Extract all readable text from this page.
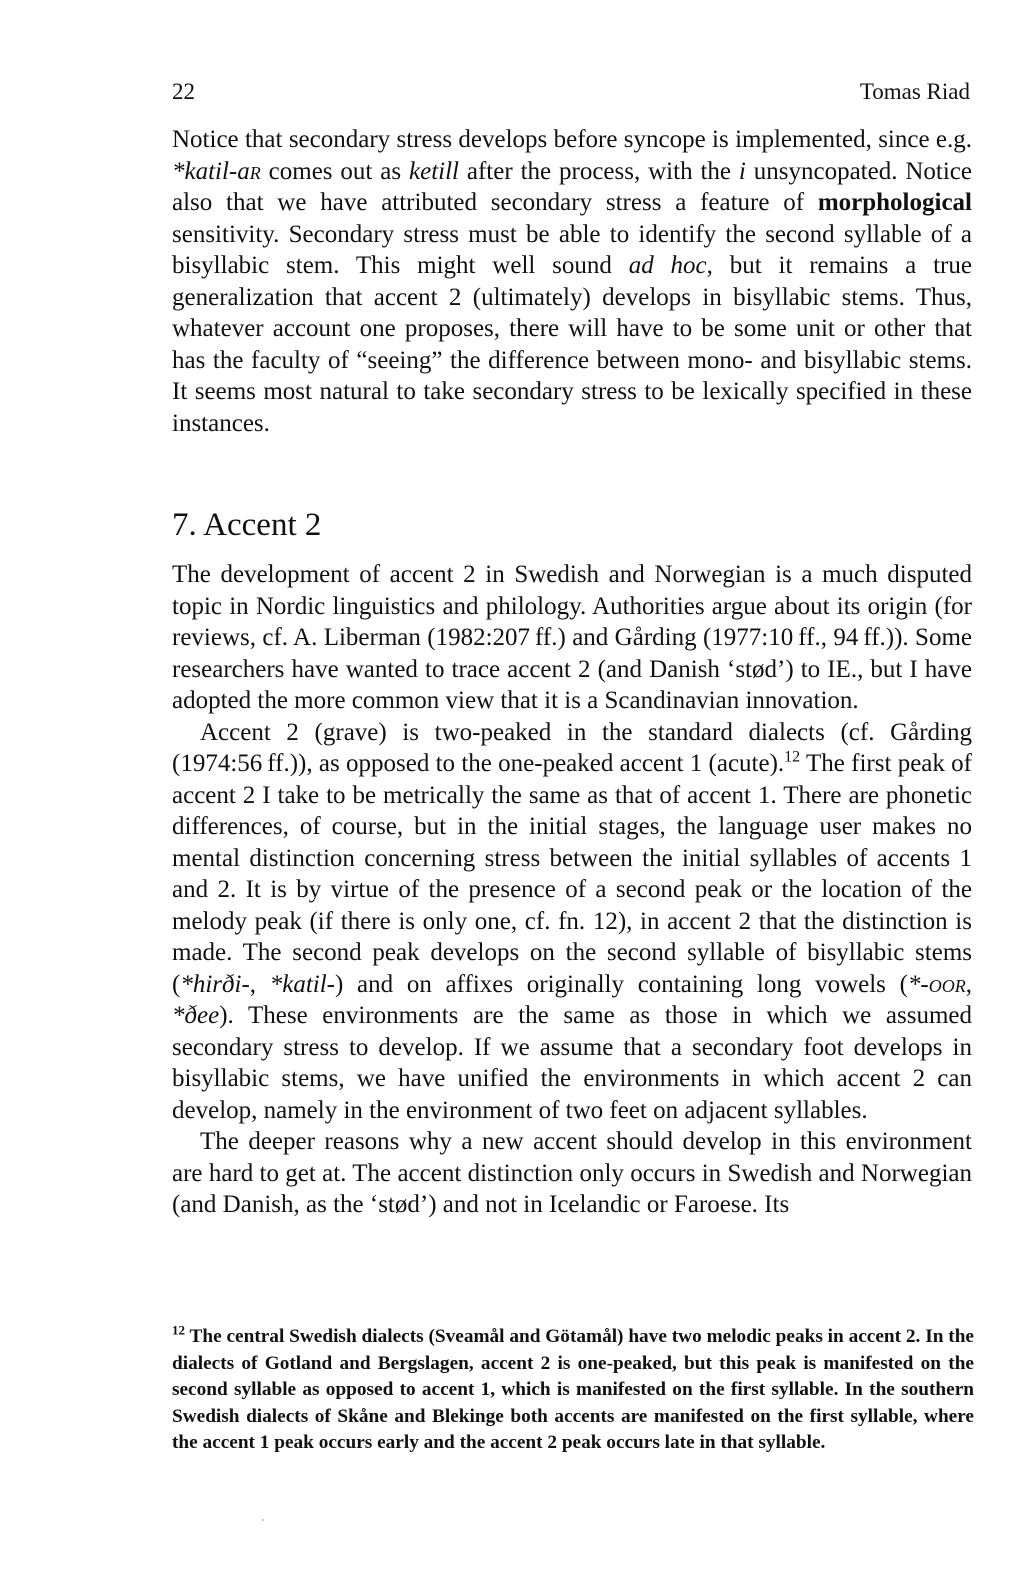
22	Tomas Riad

Notice that secondary stress develops before syncope is implemented, since e.g. *katil-ar comes out as ketill after the process, with the i unsyncopated. Notice also that we have attributed secondary stress a feature of morphological sensitivity. Secondary stress must be able to identify the second syllable of a bisyllabic stem. This might well sound ad hoc, but it remains a true generalization that accent 2 (ultimately) develops in bisyllabic stems. Thus, whatever account one proposes, there will have to be some unit or other that has the faculty of “seeing” the difference between mono- and bisyllabic stems. It seems most natural to take secondary stress to be lexically specified in these instances.

7. Accent 2

The development of accent 2 in Swedish and Norwegian is a much disputed topic in Nordic linguistics and philology. Authorities argue about its origin (for reviews, cf. A. Liberman (1982:207 ff.) and Gårding (1977:10 ff., 94 ff.)). Some researchers have wanted to trace accent 2 (and Danish ‘stød’) to IE., but I have adopted the more common view that it is a Scandinavian innovation.

Accent 2 (grave) is two-peaked in the standard dialects (cf. Gårding (1974:56 ff.)), as opposed to the one-peaked accent 1 (acute).$^{12}$ The first peak of accent 2 I take to be metrically the same as that of accent 1. There are phonetic differences, of course, but in the initial stages, the language user makes no mental distinction concerning stress between the initial syllables of accents 1 and 2. It is by virtue of the presence of a second peak or the location of the melody peak (if there is only one, cf. fn. 12), in accent 2 that the distinction is made. The second peak develops on the second syllable of bisyllabic stems (*hirði-, *katil-) and on affixes originally containing long vowels (*-oor, *ðee). These environments are the same as those in which we assumed secondary stress to develop. If we assume that a secondary foot develops in bisyllabic stems, we have unified the environments in which accent 2 can develop, namely in the environment of two feet on adjacent syllables.

The deeper reasons why a new accent should develop in this environment are hard to get at. The accent distinction only occurs in Swedish and Norwegian (and Danish, as the ‘stød’) and not in Icelandic or Faroese. Its

$^{12}$ The central Swedish dialects (Sveamål and Götamål) have two melodic peaks in accent 2. In the dialects of Gotland and Bergslagen, accent 2 is one-peaked, but this peak is manifested on the second syllable as opposed to accent 1, which is manifested on the first syllable. In the southern Swedish dialects of Skåne and Blekinge both accents are manifested on the first syllable, where the accent 1 peak occurs early and the accent 2 peak occurs late in that syllable.
